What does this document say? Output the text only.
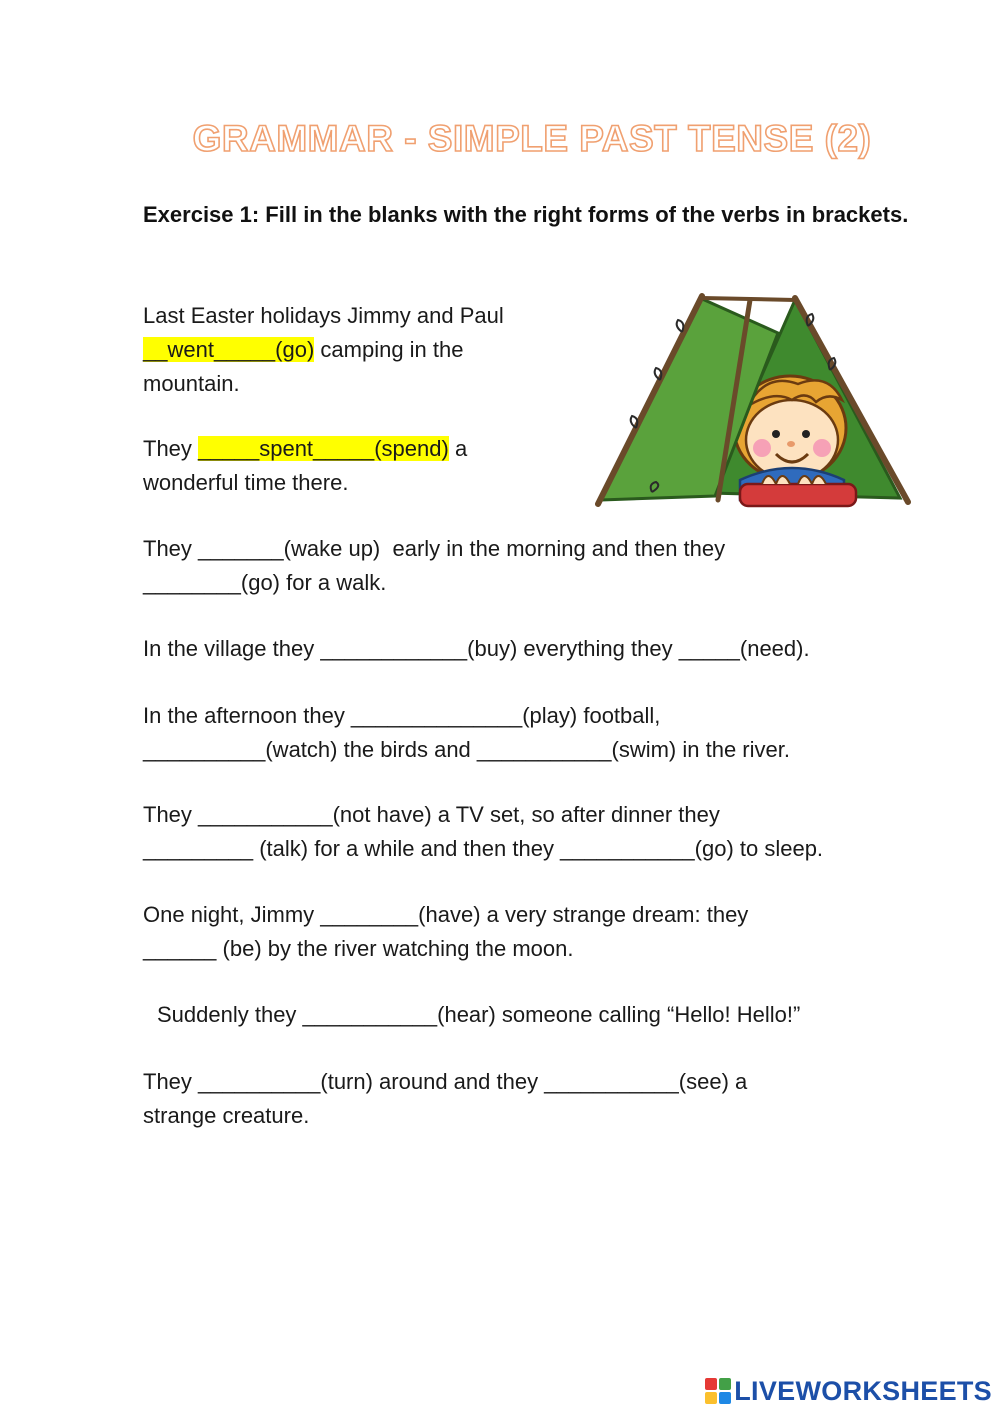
GRAMMAR - SIMPLE PAST TENSE (2)
Exercise 1: Fill in the blanks with the right forms of the verbs in brackets.
Last Easter holidays Jimmy and Paul
__went_____(go) camping in the
mountain.
They _____spent_____(spend) a
wonderful time there.
They _______(wake up)  early in the morning and then they
________(go) for a walk.
In the village they ____________(buy) everything they _____(need).
In the afternoon they ______________(play) football,
__________(watch) the birds and ___________(swim) in the river.
They ___________(not have) a TV set, so after dinner they
_________ (talk) for a while and then they ___________(go) to sleep.
One night, Jimmy ________(have) a very strange dream: they
______ (be) by the river watching the moon.
Suddenly they ___________(hear) someone calling “Hello! Hello!”
They __________(turn) around and they ___________(see) a
strange creature.
LIVEWORKSHEETS
